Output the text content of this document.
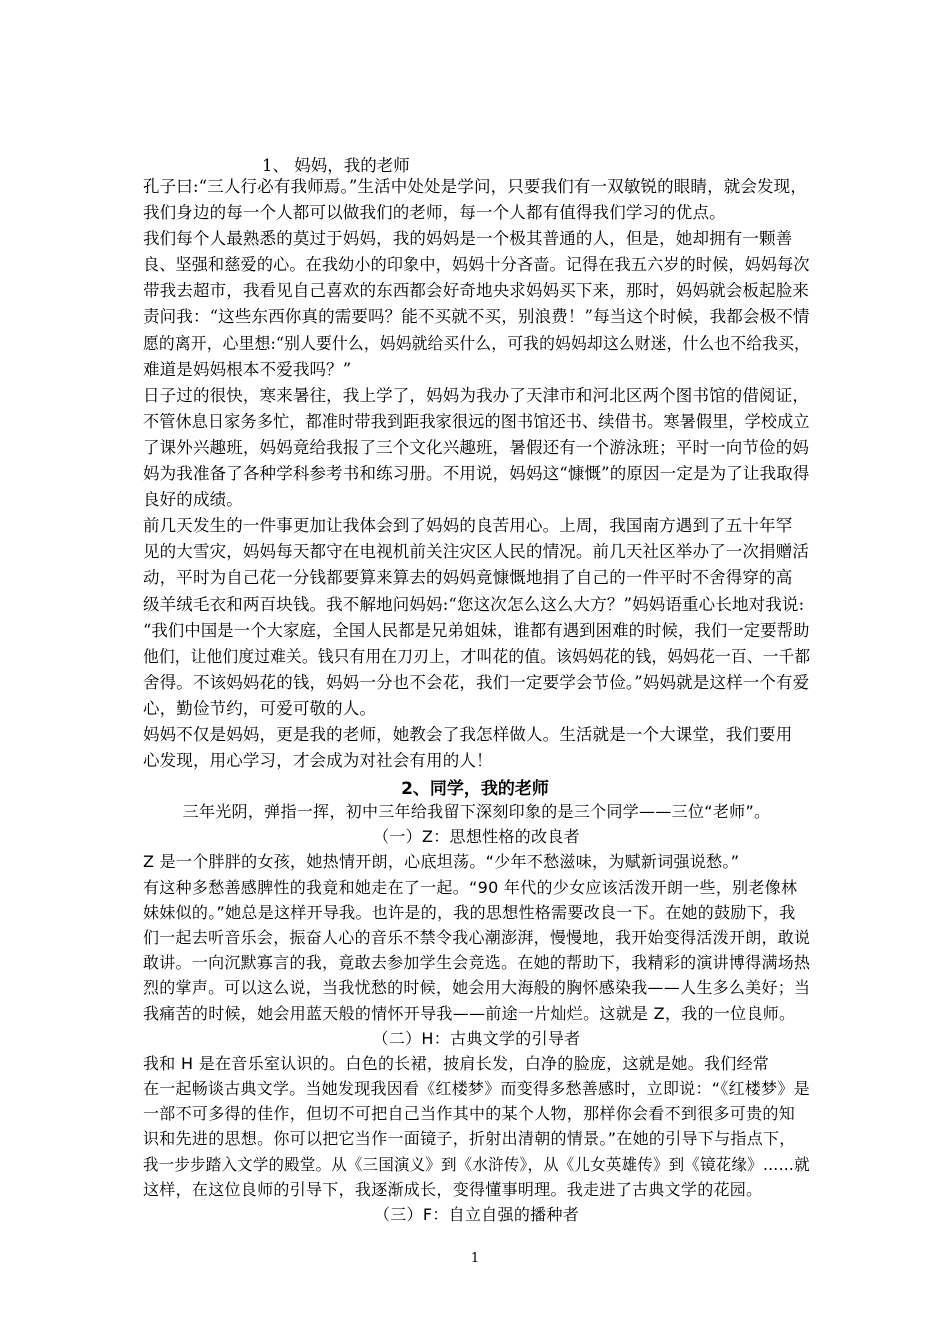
1、 妈妈，我的老师
孔子曰:“三人行必有我师焉。”生活中处处是学问，只要我们有一双敏锐的眼睛，就会发现，
我们身边的每一个人都可以做我们的老师，每一个人都有值得我们学习的优点。
我们每个人最熟悉的莫过于妈妈，我的妈妈是一个极其普通的人，但是，她却拥有一颗善
良、坚强和慈爱的心。在我幼小的印象中，妈妈十分吝啬。记得在我五六岁的时候，妈妈每次
带我去超市，我看见自己喜欢的东西都会好奇地央求妈妈买下来，那时，妈妈就会板起脸来
责问我：“这些东西你真的需要吗？能不买就不买，别浪费！”每当这个时候，我都会极不情
愿的离开，心里想:“别人要什么，妈妈就给买什么，可我的妈妈却这么财迷，什么也不给我买，
难道是妈妈根本不爱我吗？”
日子过的很快，寒来暑往，我上学了，妈妈为我办了天津市和河北区两个图书馆的借阅证，
不管休息日家务多忙，都准时带我到距我家很远的图书馆还书、续借书。寒暑假里，学校成立
了课外兴趣班，妈妈竟给我报了三个文化兴趣班，暑假还有一个游泳班；平时一向节俭的妈
妈为我准备了各种学科参考书和练习册。不用说，妈妈这“慷慨”的原因一定是为了让我取得
良好的成绩。
前几天发生的一件事更加让我体会到了妈妈的良苦用心。上周，我国南方遇到了五十年罕
见的大雪灾，妈妈每天都守在电视机前关注灾区人民的情况。前几天社区举办了一次捐赠活
动，平时为自己花一分钱都要算来算去的妈妈竟慷慨地捐了自己的一件平时不舍得穿的高
级羊绒毛衣和两百块钱。我不解地问妈妈:“您这次怎么这么大方？”妈妈语重心长地对我说:
“我们中国是一个大家庭，全国人民都是兄弟姐妹，谁都有遇到困难的时候，我们一定要帮助
他们，让他们度过难关。钱只有用在刀刃上，才叫花的值。该妈妈花的钱，妈妈花一百、一千都
舍得。不该妈妈花的钱，妈妈一分也不会花，我们一定要学会节俭。”妈妈就是这样一个有爱
心，勤俭节约，可爱可敬的人。
妈妈不仅是妈妈，更是我的老师，她教会了我怎样做人。生活就是一个大课堂，我们要用
心发现，用心学习，才会成为对社会有用的人！
2、同学，我的老师
三年光阴，弹指一挥，初中三年给我留下深刻印象的是三个同学——三位“老师”。
（一）Z：思想性格的改良者
Z 是一个胖胖的女孩，她热情开朗，心底坦荡。“少年不愁滋味，为赋新词强说愁。”
有这种多愁善感脾性的我竟和她走在了一起。“90 年代的少女应该活泼开朗一些，别老像林
妹妹似的。”她总是这样开导我。也许是的，我的思想性格需要改良一下。在她的鼓励下，我
们一起去听音乐会，振奋人心的音乐不禁令我心潮澎湃，慢慢地，我开始变得活泼开朗，敢说
敢讲。一向沉默寡言的我，竟敢去参加学生会竞选。在她的帮助下，我精彩的演讲博得满场热
烈的掌声。可以这么说，当我忧愁的时候，她会用大海般的胸怀感染我——人生多么美好；当
我痛苦的时候，她会用蓝天般的情怀开导我——前途一片灿烂。这就是 Z，我的一位良师。
（二）H：古典文学的引导者
我和 H 是在音乐室认识的。白色的长裙，披肩长发，白净的脸庞，这就是她。我们经常
在一起畅谈古典文学。当她发现我因看《红楼梦》而变得多愁善感时，立即说：“《红楼梦》是
一部不可多得的佳作，但切不可把自己当作其中的某个人物，那样你会看不到很多可贵的知
识和先进的思想。你可以把它当作一面镜子，折射出清朝的情景。”在她的引导下与指点下，
我一步步踏入文学的殿堂。从《三国演义》到《水浒传》，从《儿女英雄传》到《镜花缘》……就
这样，在这位良师的引导下，我逐渐成长，变得懂事明理。我走进了古典文学的花园。
（三）F：自立自强的播种者
1
